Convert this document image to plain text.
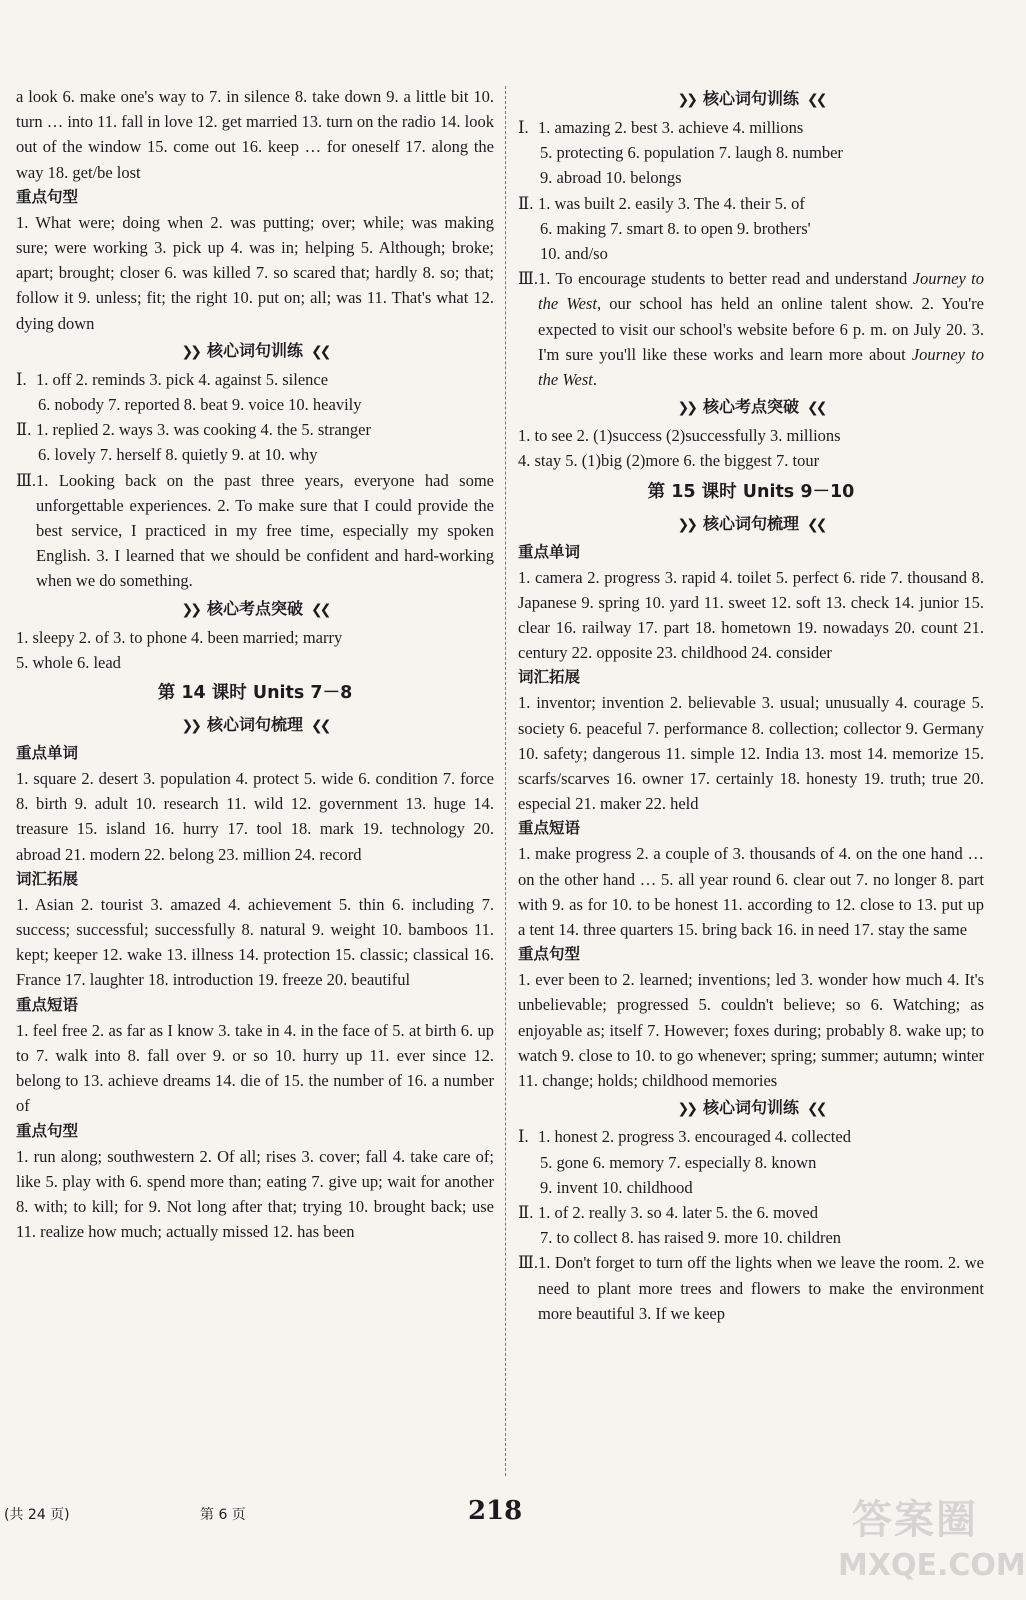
a look 6. make one's way to 7. in silence 8. take down 9. a little bit 10. turn … into 11. fall in love 12. get married 13. turn on the radio 14. look out of the window 15. come out 16. keep … for oneself 17. along the way 18. get/be lost

重点句型

1. What were; doing when 2. was putting; over; while; was making sure; were working 3. pick up 4. was in; helping 5. Although; broke; apart; brought; closer 6. was killed 7. so scared that; hardly 8. so; that; follow it 9. unless; fit; the right 10. put on; all; was 11. That's what 12. dying down

❯❯ 核心词句训练 ❮❮
Ⅰ. 1. off 2. reminds 3. pick 4. against 5. silence
6. nobody 7. reported 8. beat 9. voice 10. heavily
Ⅱ. 1. replied 2. ways 3. was cooking 4. the 5. stranger
6. lovely 7. herself 8. quietly 9. at 10. why
Ⅲ. 1. Looking back on the past three years, everyone had some unforgettable experiences. 2. To make sure that I could provide the best service, I practiced in my free time, especially my spoken English. 3. I learned that we should be confident and hard-working when we do something.

❯❯ 核心考点突破 ❮❮
1. sleepy 2. of 3. to phone 4. been married; marry
5. whole 6. lead
第 14 课时 Units 7－8
❯❯ 核心词句梳理 ❮❮

重点单词

1. square 2. desert 3. population 4. protect 5. wide 6. condition 7. force 8. birth 9. adult 10. research 11. wild 12. government 13. huge 14. treasure 15. island 16. hurry 17. tool 18. mark 19. technology 20. abroad 21. modern 22. belong 23. million 24. record

词汇拓展

1. Asian 2. tourist 3. amazed 4. achievement 5. thin 6. including 7. success; successful; successfully 8. natural 9. weight 10. bamboos 11. kept; keeper 12. wake 13. illness 14. protection 15. classic; classical 16. France 17. laughter 18. introduction 19. freeze 20. beautiful

重点短语

1. feel free 2. as far as I know 3. take in 4. in the face of 5. at birth 6. up to 7. walk into 8. fall over 9. or so 10. hurry up 11. ever since 12. belong to 13. achieve dreams 14. die of 15. the number of 16. a number of

重点句型

1. run along; southwestern 2. Of all; rises 3. cover; fall 4. take care of; like 5. play with 6. spend more than; eating 7. give up; wait for another 8. with; to kill; for 9. Not long after that; trying 10. brought back; use 11. realize how much; actually missed 12. has been

❯❯ 核心词句训练 ❮❮
Ⅰ. 1. amazing 2. best 3. achieve 4. millions
5. protecting 6. population 7. laugh 8. number
9. abroad 10. belongs
Ⅱ. 1. was built 2. easily 3. The 4. their 5. of
6. making 7. smart 8. to open 9. brothers'
10. and/so
Ⅲ. 1. To encourage students to better read and understand Journey to the West, our school has held an online talent show. 2. You're expected to visit our school's website before 6 p. m. on July 20. 3. I'm sure you'll like these works and learn more about Journey to the West.

❯❯ 核心考点突破 ❮❮
1. to see 2. (1)success (2)successfully 3. millions
4. stay 5. (1)big (2)more 6. the biggest 7. tour
第 15 课时 Units 9－10
❯❯ 核心词句梳理 ❮❮

重点单词

1. camera 2. progress 3. rapid 4. toilet 5. perfect 6. ride 7. thousand 8. Japanese 9. spring 10. yard 11. sweet 12. soft 13. check 14. junior 15. clear 16. railway 17. part 18. hometown 19. nowadays 20. count 21. century 22. opposite 23. childhood 24. consider

词汇拓展

1. inventor; invention 2. believable 3. usual; unusually 4. courage 5. society 6. peaceful 7. performance 8. collection; collector 9. Germany 10. safety; dangerous 11. simple 12. India 13. most 14. memorize 15. scarfs/scarves 16. owner 17. certainly 18. honesty 19. truth; true 20. especial 21. maker 22. held

重点短语

1. make progress 2. a couple of 3. thousands of 4. on the one hand … on the other hand … 5. all year round 6. clear out 7. no longer 8. part with 9. as for 10. to be honest 11. according to 12. close to 13. put up a tent 14. three quarters 15. bring back 16. in need 17. stay the same

重点句型

1. ever been to 2. learned; inventions; led 3. wonder how much 4. It's unbelievable; progressed 5. couldn't believe; so 6. Watching; as enjoyable as; itself 7. However; foxes during; probably 8. wake up; to watch 9. close to 10. to go whenever; spring; summer; autumn; winter 11. change; holds; childhood memories

❯❯ 核心词句训练 ❮❮
Ⅰ. 1. honest 2. progress 3. encouraged 4. collected
5. gone 6. memory 7. especially 8. known
9. invent 10. childhood
Ⅱ. 1. of 2. really 3. so 4. later 5. the 6. moved
7. to collect 8. has raised 9. more 10. children
Ⅲ. 1. Don't forget to turn off the lights when we leave the room. 2. we need to plant more trees and flowers to make the environment more beautiful 3. If we keep

(共 24 页)	第 6 页	218	答案圈
MXQE.COM
